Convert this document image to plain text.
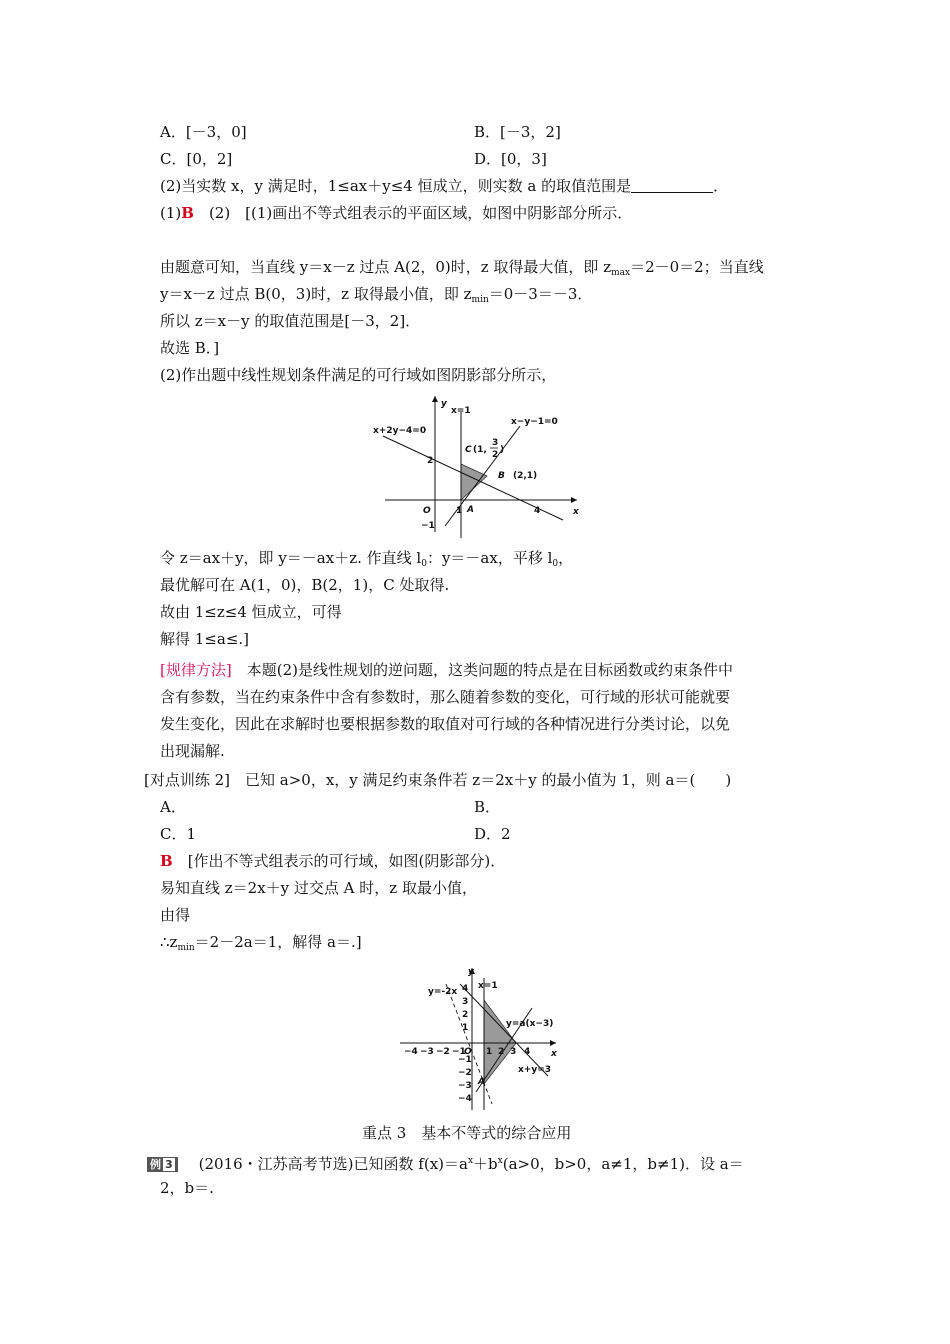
A．[－3，0]	B．[－3，2]
C．[0，2]	D．[0，3]
(2)当实数 x，y 满足时，1≤ax＋y≤4 恒成立，则实数 a 的取值范围是	．
(1)B　(2)　[(1)画出不等式组表示的平面区域，如图中阴影部分所示．
由题意可知，当直线 y＝x－z 过点 A(2，0)时，z 取得最大值，即 $z_{max}=2-0=2$；当直线
y＝x－z 过点 B(0，3)时，z 取得最小值，即 $z_{min}=0-3=-3$．
所以 z＝x－y 的取值范围是[－3，2]．
故选 B．]
(2)作出题中线性规划条件满足的可行域如图阴影部分所示，
y
x
x=1
x+2y−4=0
x−y−1=0
C (1,
3
2 )
B (2,1)
A
O
2
1	4
−1
令 z＝ax＋y，即 y＝－ax＋z. 作直线 $l_0$：y＝－ax，平移 $l_0$，
最优解可在 A(1，0)，B(2，1)，C 处取得.
故由 1≤z≤4 恒成立，可得
解得 1≤a≤.]
[规律方法]　本题(2)是线性规划的逆问题，这类问题的特点是在目标函数或约束条件中
含有参数，当在约束条件中含有参数时，那么随着参数的变化，可行域的形状可能就要
发生变化，因此在求解时也要根据参数的取值对可行域的各种情况进行分类讨论，以免
出现漏解.
[对点训练 2]　已知 a>0，x，y 满足约束条件若 z＝2x＋y 的最小值为 1，则 a＝(　　)
A．	B．
C．1	D．2
B　[作出不等式组表示的可行域，如图(阴影部分)．
易知直线 z＝2x＋y 过交点 A 时，z 取最小值，
由得
$\therefore z_{min}=2-2a=1$，解得 a＝.]
y
x
x=1
y=-2x
y=a(x−3)
x+y=3
A
O
−4 −3 −2 −1 1 2 3 4
4
3
2
1
−1
−2
−3
−4
重点 3　基本不等式的综合应用
例 3　(2016・江苏高考节选)已知函数 $f(x)=a^x+b^x(a>0$，b>0，a≠1，b≠1)．设 a＝
2，b＝.
